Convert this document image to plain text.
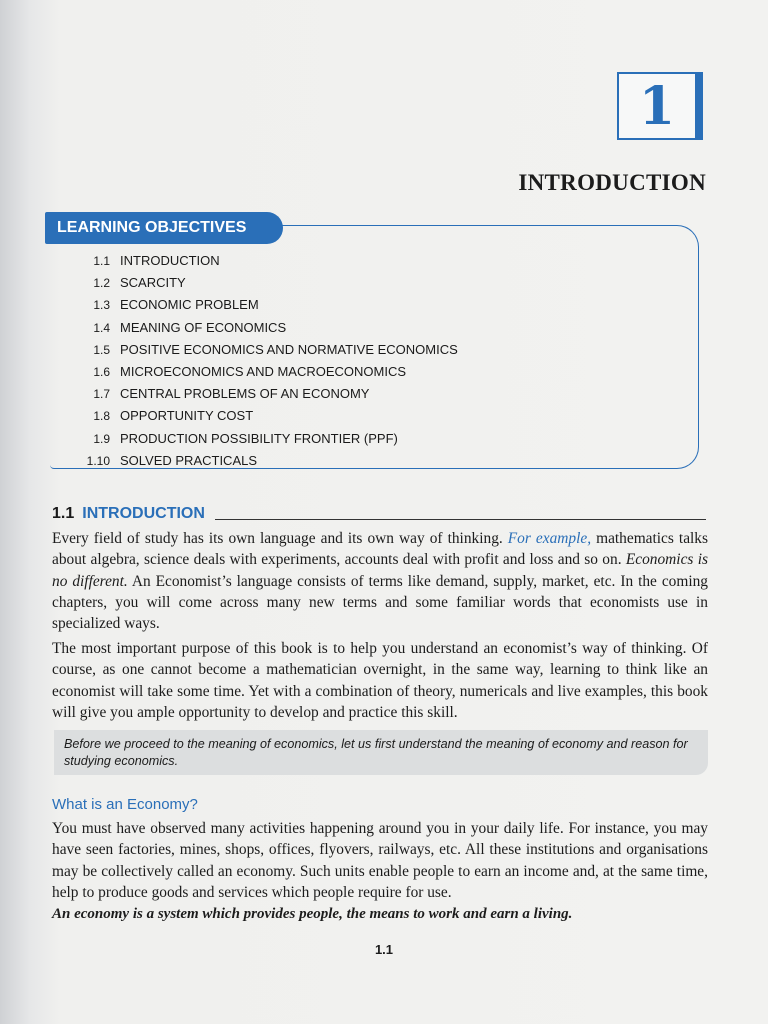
1
INTRODUCTION
LEARNING OBJECTIVES
1.1 INTRODUCTION
1.2 SCARCITY
1.3 ECONOMIC PROBLEM
1.4 MEANING OF ECONOMICS
1.5 POSITIVE ECONOMICS AND NORMATIVE ECONOMICS
1.6 MICROECONOMICS AND MACROECONOMICS
1.7 CENTRAL PROBLEMS OF AN ECONOMY
1.8 OPPORTUNITY COST
1.9 PRODUCTION POSSIBILITY FRONTIER (PPF)
1.10 SOLVED PRACTICALS
1.1 INTRODUCTION

Every field of study has its own language and its own way of thinking. For example, mathematics talks about algebra, science deals with experiments, accounts deal with profit and loss and so on. Economics is no different. An Economist’s language consists of terms like demand, supply, market, etc. In the coming chapters, you will come across many new terms and some familiar words that economists use in specialized ways.

The most important purpose of this book is to help you understand an economist’s way of thinking. Of course, as one cannot become a mathematician overnight, in the same way, learning to think like an economist will take some time. Yet with a combination of theory, numericals and live examples, this book will give you ample opportunity to develop and practice this skill.

Before we proceed to the meaning of economics, let us first understand the meaning of economy and reason for studying economics.
What is an Economy?

You must have observed many activities happening around you in your daily life. For instance, you may have seen factories, mines, shops, offices, flyovers, railways, etc. All these institutions and organisations may be collectively called an economy. Such units enable people to earn an income and, at the same time, help to produce goods and services which people require for use.

An economy is a system which provides people, the means to work and earn a living.

1.1
